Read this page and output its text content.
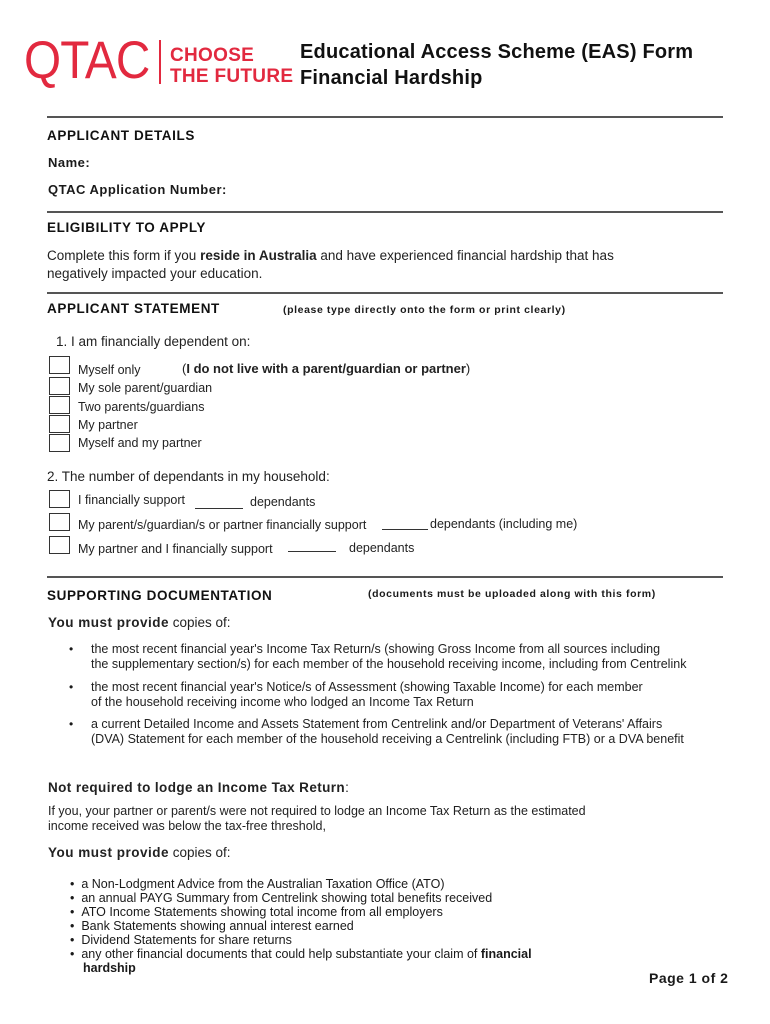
QTAC CHOOSE
THE FUTURE
Educational Access Scheme (EAS) Form
Financial Hardship
APPLICANT DETAILS
Name:
QTAC Application Number:
ELIGIBILITY TO APPLY
Complete this form if you reside in Australia and have experienced financial hardship that has
negatively impacted your education.
APPLICANT STATEMENT	(please type directly onto the form or print clearly)
1. I am financially dependent on:
Myself only	(I do not live with a parent/guardian or partner)
My sole parent/guardian
Two parents/guardians
My partner
Myself and my partner
2. The number of dependants in my household:
I financially support	dependants
My parent/s/guardian/s or partner financially support	dependants (including me)
My partner and I financially support	dependants
SUPPORTING DOCUMENTATION	(documents must be uploaded along with this form)
You must provide copies of:
• the most recent financial year's Income Tax Return/s (showing Gross Income from all sources including
the supplementary section/s) for each member of the household receiving income, including from Centrelink
• the most recent financial year's Notice/s of Assessment (showing Taxable Income) for each member
of the household receiving income who lodged an Income Tax Return
• a current Detailed Income and Assets Statement from Centrelink and/or Department of Veterans' Affairs
(DVA) Statement for each member of the household receiving a Centrelink (including FTB) or a DVA benefit
Not required to lodge an Income Tax Return:
If you, your partner or parent/s were not required to lodge an Income Tax Return as the estimated
income received was below the tax-free threshold,
You must provide copies of:
•  a Non-Lodgment Advice from the Australian Taxation Office (ATO)
•  an annual PAYG Summary from Centrelink showing total benefits received
•  ATO Income Statements showing total income from all employers
•  Bank Statements showing annual interest earned
•  Dividend Statements for share returns
•  any other financial documents that could help substantiate your claim of financial
hardship
Page 1 of 2
